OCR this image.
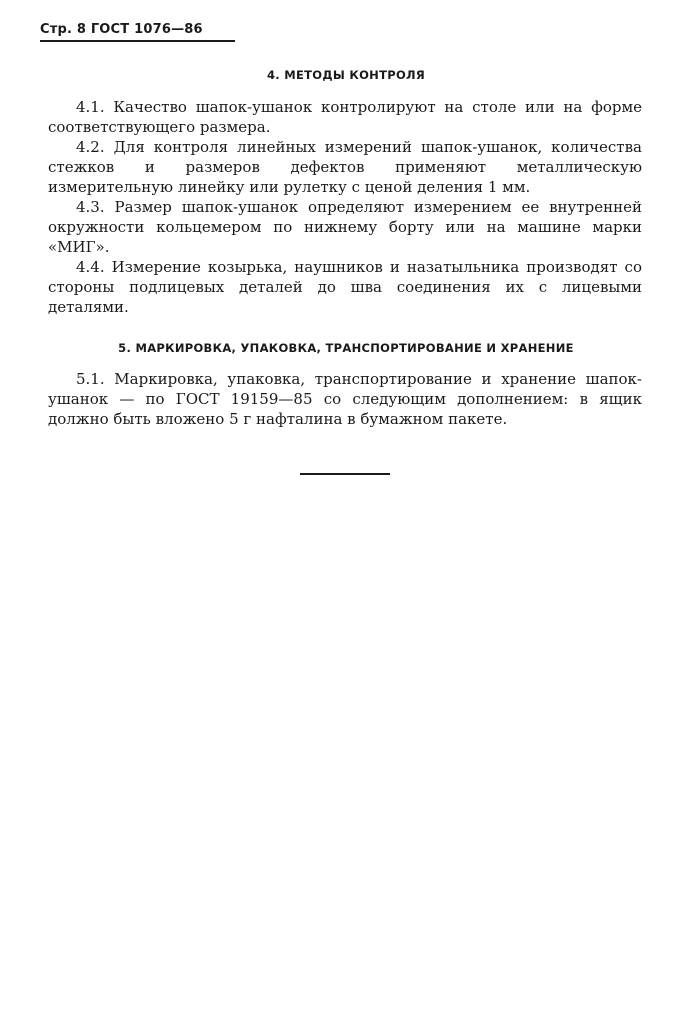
Стр. 8 ГОСТ 1076—86
4. МЕТОДЫ КОНТРОЛЯ

4.1. Качество шапок-ушанок контролируют на столе или на форме соответствующего размера.

4.2. Для контроля линейных измерений шапок-ушанок, количества стежков и размеров дефектов применяют металлическую измерительную линейку или рулетку с ценой деления 1 мм.

4.3. Размер шапок-ушанок определяют измерением ее внутренней окружности кольцемером по нижнему борту или на машине марки «МИГ».

4.4. Измерение козырька, наушников и назатыльника производят со стороны подлицевых деталей до шва соединения их с лицевыми деталями.

5. МАРКИРОВКА, УПАКОВКА, ТРАНСПОРТИРОВАНИЕ И ХРАНЕНИЕ

5.1. Маркировка, упаковка, транспортирование и хранение шапок-ушанок — по ГОСТ 19159—85 со следующим дополнением: в ящик должно быть вложено 5 г нафталина в бумажном пакете.
